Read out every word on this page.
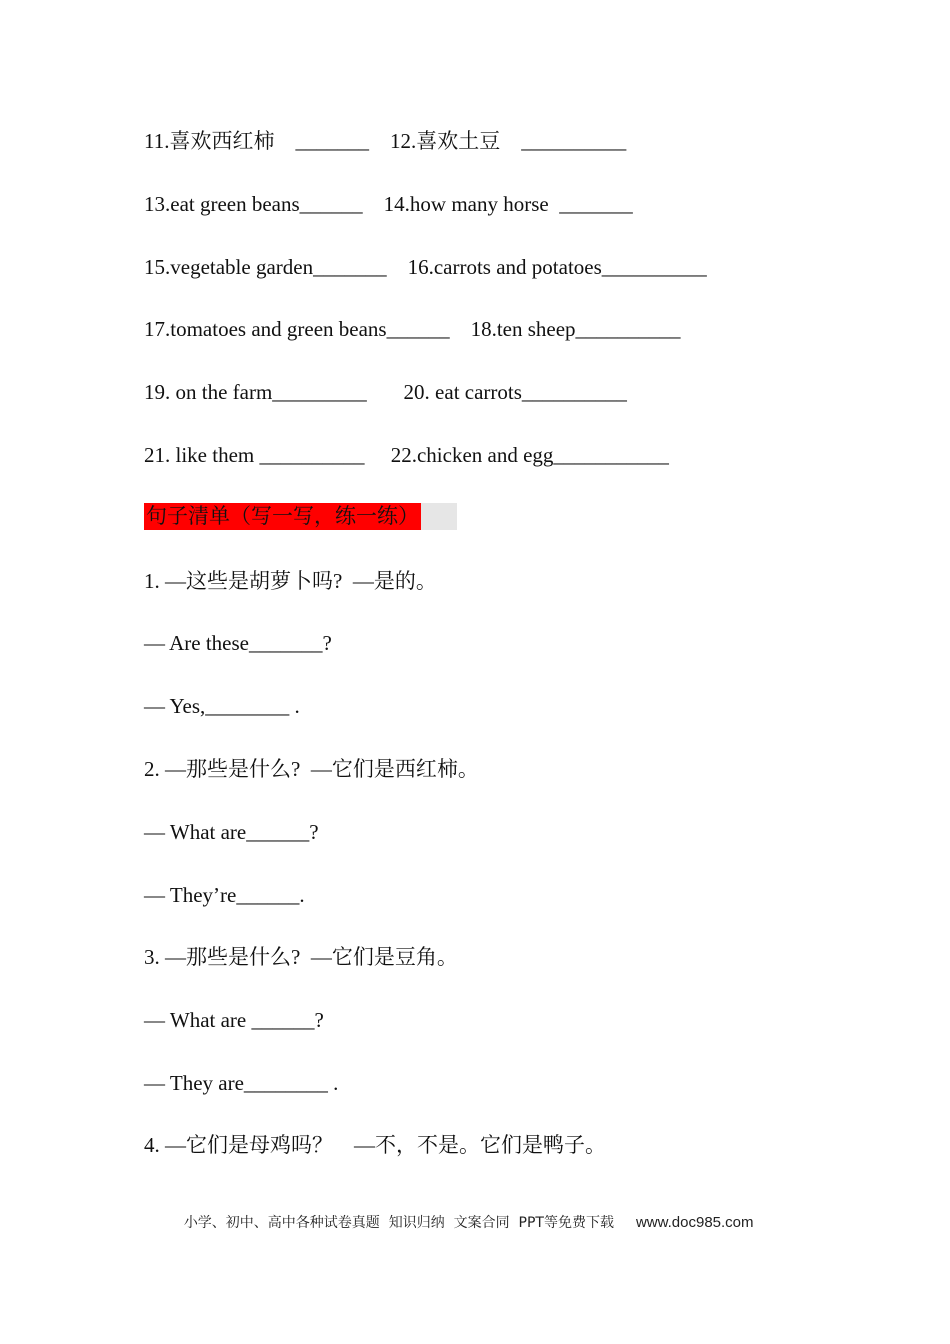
11.喜欢西红柿    _______    12.喜欢土豆    __________
13.eat green beans______    14.how many horse  _______
15.vegetable garden_______    16.carrots and potatoes__________
17.tomatoes and green beans______    18.ten sheep__________
19. on the farm_________       20. eat carrots__________
21. like them __________     22.chicken and egg___________
句子清单（写一写，练一练）
1. —这些是胡萝卜吗?  —是的。
— Are these_______?
— Yes,________ .
2. —那些是什么?  —它们是西红柿。
— What are______?
— They’re______.
3. —那些是什么?  —它们是豆角。
— What are ______?
— They are________ .
4. —它们是母鸡吗？    —不，不是。它们是鸭子。

小学、初中、高中各种试卷真题  知识归纳  文案合同  PPT等免费下载 www.doc985.com
